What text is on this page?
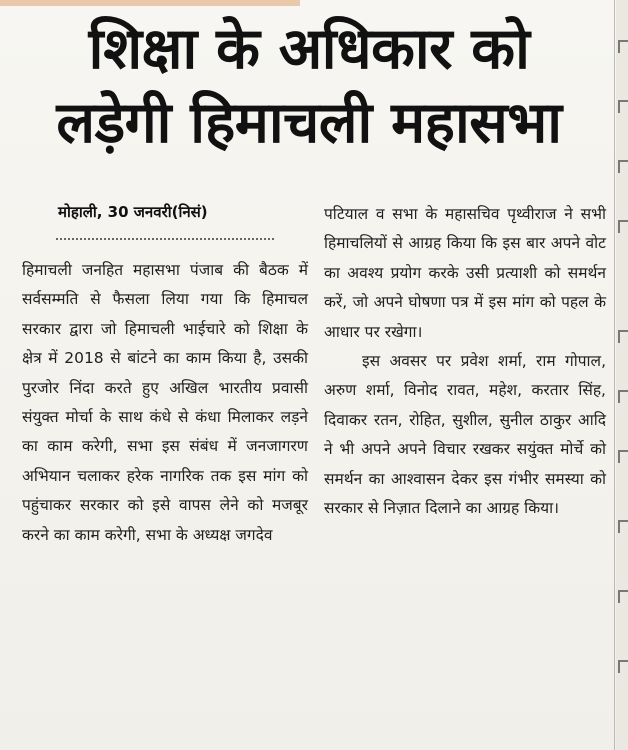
शिक्षा के अधिकार को
लड़ेगी हिमाचली महासभा
मोहाली, 30 जनवरी(निसं)

हिमाचली जनहित महासभा पंजाब की बैठक में सर्वसम्मति से फैसला लिया गया कि हिमाचल सरकार द्वारा जो हिमाचली भाईचारे को शिक्षा के क्षेत्र में 2018 से बांटने का काम किया है, उसकी पुरजोर निंदा करते हुए अखिल भारतीय प्रवासी संयुक्त मोर्चा के साथ कंधे से कंधा मिलाकर लड़ने का काम करेगी, सभा इस संबंध में जनजागरण अभियान चलाकर हरेक नागरिक तक इस मांग को पहुंचाकर सरकार को इसे वापस लेने को मजबूर करने का काम करेगी, सभा के अध्यक्ष जगदेव

पटियाल व सभा के महासचिव पृथ्वीराज ने सभी हिमाचलियों से आग्रह किया कि इस बार अपने वोट का अवश्य प्रयोग करके उसी प्रत्याशी को समर्थन करें, जो अपने घोषणा पत्र में इस मांग को पहल के आधार पर रखेगा।

इस अवसर पर प्रवेश शर्मा, राम गोपाल, अरुण शर्मा, विनोद रावत, महेश, करतार सिंह, दिवाकर रतन, रोहित, सुशील, सुनील ठाकुर आदि ने भी अपने अपने विचार रखकर सयुंक्त मोर्चे को समर्थन का आश्वासन देकर इस गंभीर समस्या को सरकार से निज़ात दिलाने का आग्रह किया।
